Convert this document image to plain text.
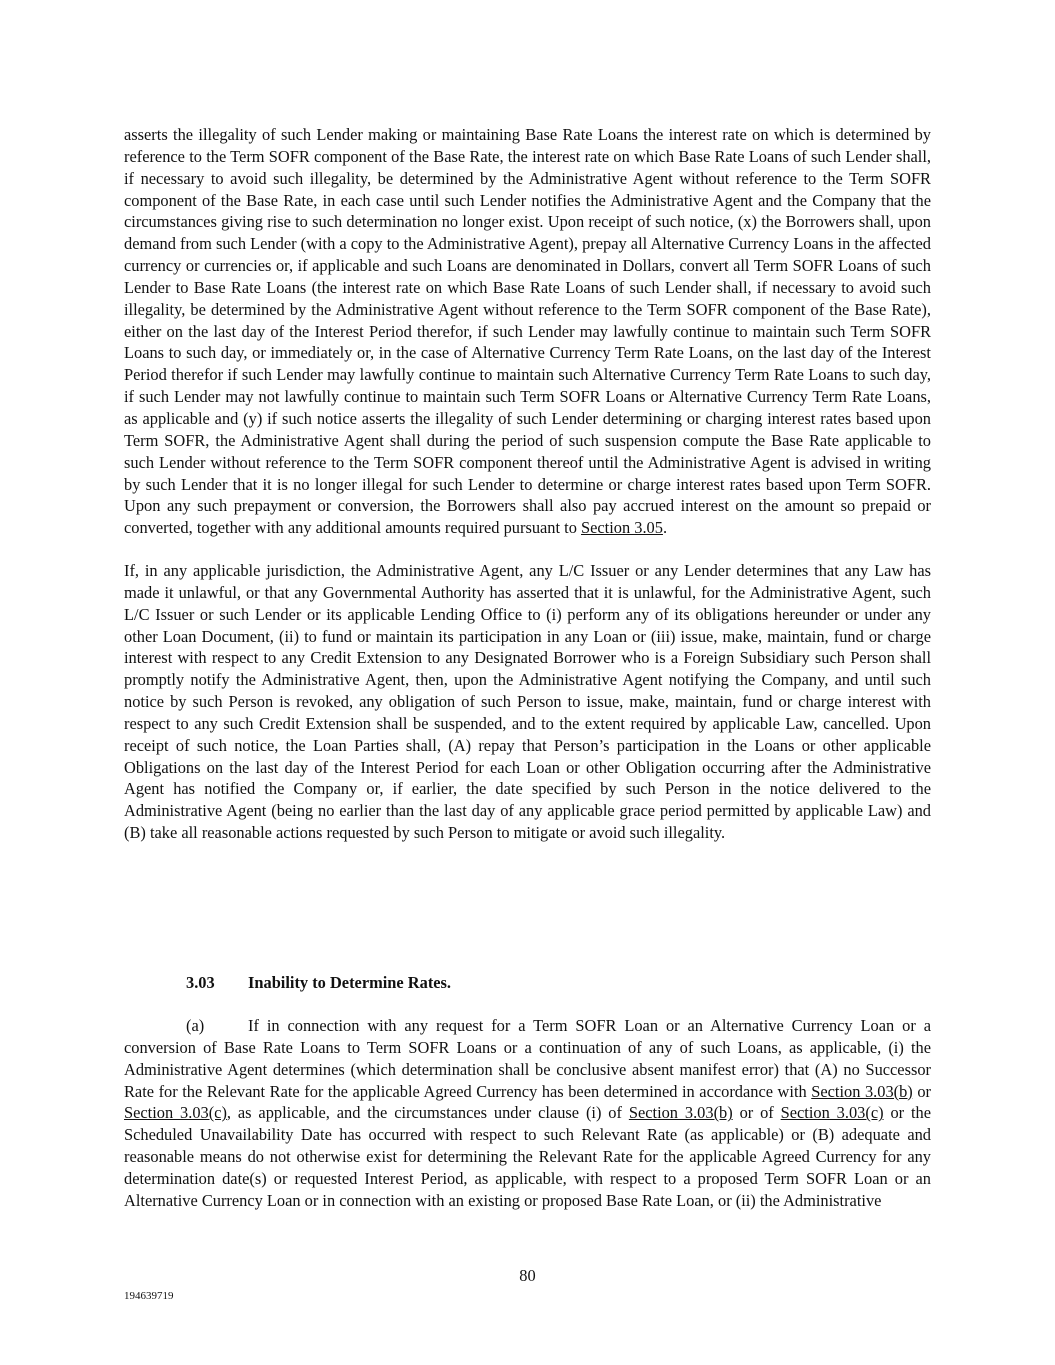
asserts the illegality of such Lender making or maintaining Base Rate Loans the interest rate on which is determined by reference to the Term SOFR component of the Base Rate, the interest rate on which Base Rate Loans of such Lender shall, if necessary to avoid such illegality, be determined by the Administrative Agent without reference to the Term SOFR component of the Base Rate, in each case until such Lender notifies the Administrative Agent and the Company that the circumstances giving rise to such determination no longer exist. Upon receipt of such notice, (x) the Borrowers shall, upon demand from such Lender (with a copy to the Administrative Agent), prepay all Alternative Currency Loans in the affected currency or currencies or, if applicable and such Loans are denominated in Dollars, convert all Term SOFR Loans of such Lender to Base Rate Loans (the interest rate on which Base Rate Loans of such Lender shall, if necessary to avoid such illegality, be determined by the Administrative Agent without reference to the Term SOFR component of the Base Rate), either on the last day of the Interest Period therefor, if such Lender may lawfully continue to maintain such Term SOFR Loans to such day, or immediately or, in the case of Alternative Currency Term Rate Loans, on the last day of the Interest Period therefor if such Lender may lawfully continue to maintain such Alternative Currency Term Rate Loans to such day, if such Lender may not lawfully continue to maintain such Term SOFR Loans or Alternative Currency Term Rate Loans, as applicable and (y) if such notice asserts the illegality of such Lender determining or charging interest rates based upon Term SOFR, the Administrative Agent shall during the period of such suspension compute the Base Rate applicable to such Lender without reference to the Term SOFR component thereof until the Administrative Agent is advised in writing by such Lender that it is no longer illegal for such Lender to determine or charge interest rates based upon Term SOFR. Upon any such prepayment or conversion, the Borrowers shall also pay accrued interest on the amount so prepaid or converted, together with any additional amounts required pursuant to Section 3.05.

If, in any applicable jurisdiction, the Administrative Agent, any L/C Issuer or any Lender determines that any Law has made it unlawful, or that any Governmental Authority has asserted that it is unlawful, for the Administrative Agent, such L/C Issuer or such Lender or its applicable Lending Office to (i) perform any of its obligations hereunder or under any other Loan Document, (ii) to fund or maintain its participation in any Loan or (iii) issue, make, maintain, fund or charge interest with respect to any Credit Extension to any Designated Borrower who is a Foreign Subsidiary such Person shall promptly notify the Administrative Agent, then, upon the Administrative Agent notifying the Company, and until such notice by such Person is revoked, any obligation of such Person to issue, make, maintain, fund or charge interest with respect to any such Credit Extension shall be suspended, and to the extent required by applicable Law, cancelled. Upon receipt of such notice, the Loan Parties shall, (A) repay that Person’s participation in the Loans or other applicable Obligations on the last day of the Interest Period for each Loan or other Obligation occurring after the Administrative Agent has notified the Company or, if earlier, the date specified by such Person in the notice delivered to the Administrative Agent (being no earlier than the last day of any applicable grace period permitted by applicable Law) and (B) take all reasonable actions requested by such Person to mitigate or avoid such illegality.

3.03 Inability to Determine Rates.

(a)	If in connection with any request for a Term SOFR Loan or an Alternative Currency Loan or a conversion of Base Rate Loans to Term SOFR Loans or a continuation of any of such Loans, as applicable, (i) the Administrative Agent determines (which determination shall be conclusive absent manifest error) that (A) no Successor Rate for the Relevant Rate for the applicable Agreed Currency has been determined in accordance with Section 3.03(b) or Section 3.03(c), as applicable, and the circumstances under clause (i) of Section 3.03(b) or of Section 3.03(c) or the Scheduled Unavailability Date has occurred with respect to such Relevant Rate (as applicable) or (B) adequate and reasonable means do not otherwise exist for determining the Relevant Rate for the applicable Agreed Currency for any determination date(s) or requested Interest Period, as applicable, with respect to a proposed Term SOFR Loan or an Alternative Currency Loan or in connection with an existing or proposed Base Rate Loan, or (ii) the Administrative

80
194639719
